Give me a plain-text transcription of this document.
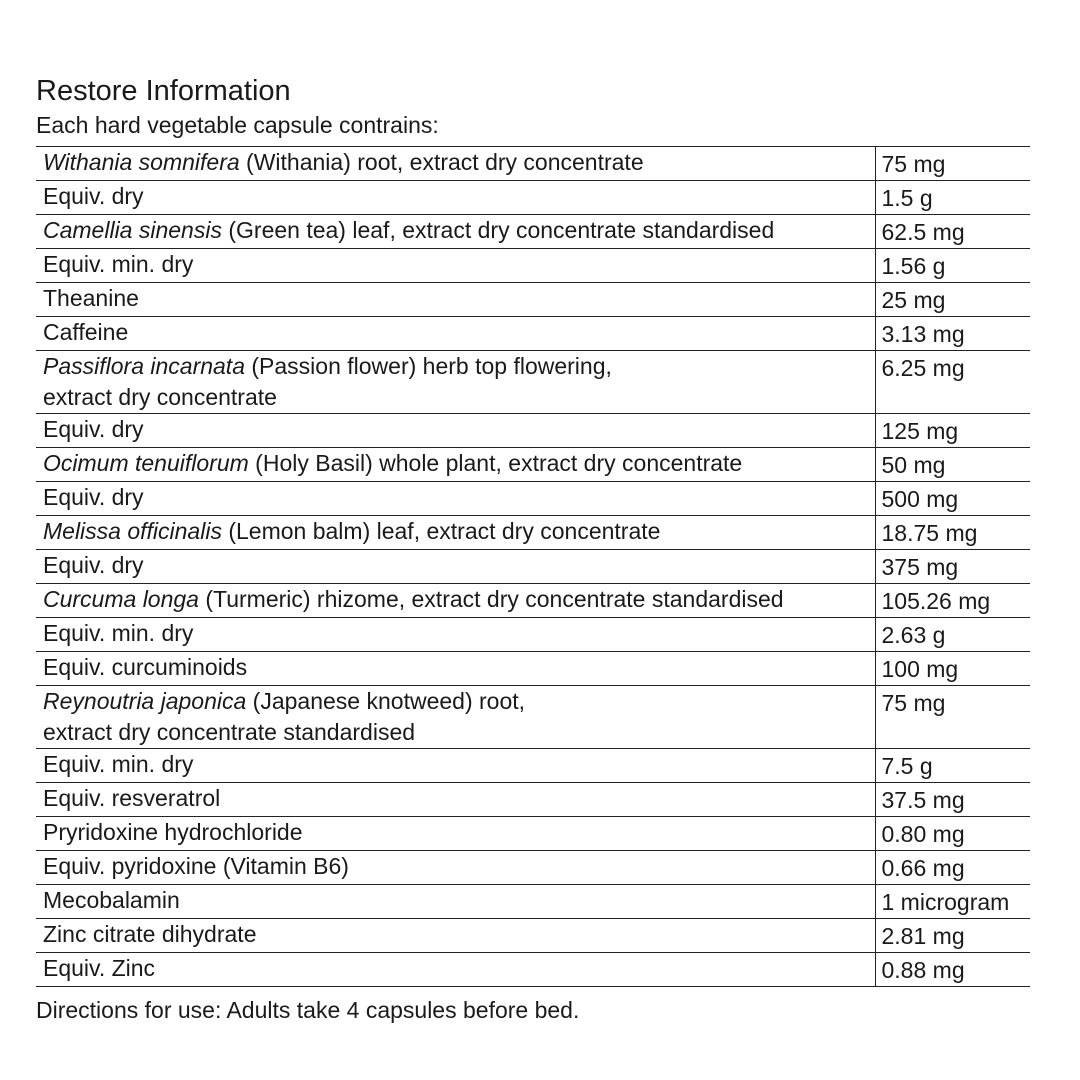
Restore Information

Each hard vegetable capsule contrains:

Withania somnifera (Withania) root, extract dry concentrate	75 mg

Equiv. dry	1.5 g

Camellia sinensis (Green tea) leaf, extract dry concentrate standardised	62.5 mg

Equiv. min. dry	1.56 g

Theanine	25 mg

Caffeine	3.13 mg

Passiflora incarnata (Passion flower) herb top flowering,
extract dry concentrate	6.25 mg

Equiv. dry	125 mg

Ocimum tenuiflorum (Holy Basil) whole plant, extract dry concentrate	50 mg

Equiv. dry	500 mg

Melissa officinalis (Lemon balm) leaf, extract dry concentrate	18.75 mg

Equiv. dry	375 mg

Curcuma longa (Turmeric) rhizome, extract dry concentrate standardised	105.26 mg

Equiv. min. dry	2.63 g

Equiv. curcuminoids	100 mg

Reynoutria japonica (Japanese knotweed) root,
extract dry concentrate standardised	75 mg

Equiv. min. dry	7.5 g

Equiv. resveratrol	37.5 mg

Pryridoxine hydrochloride	0.80 mg

Equiv. pyridoxine (Vitamin B6)	0.66 mg

Mecobalamin	1 microgram

Zinc citrate dihydrate	2.81 mg

Equiv. Zinc	0.88 mg

Directions for use: Adults take 4 capsules before bed.
